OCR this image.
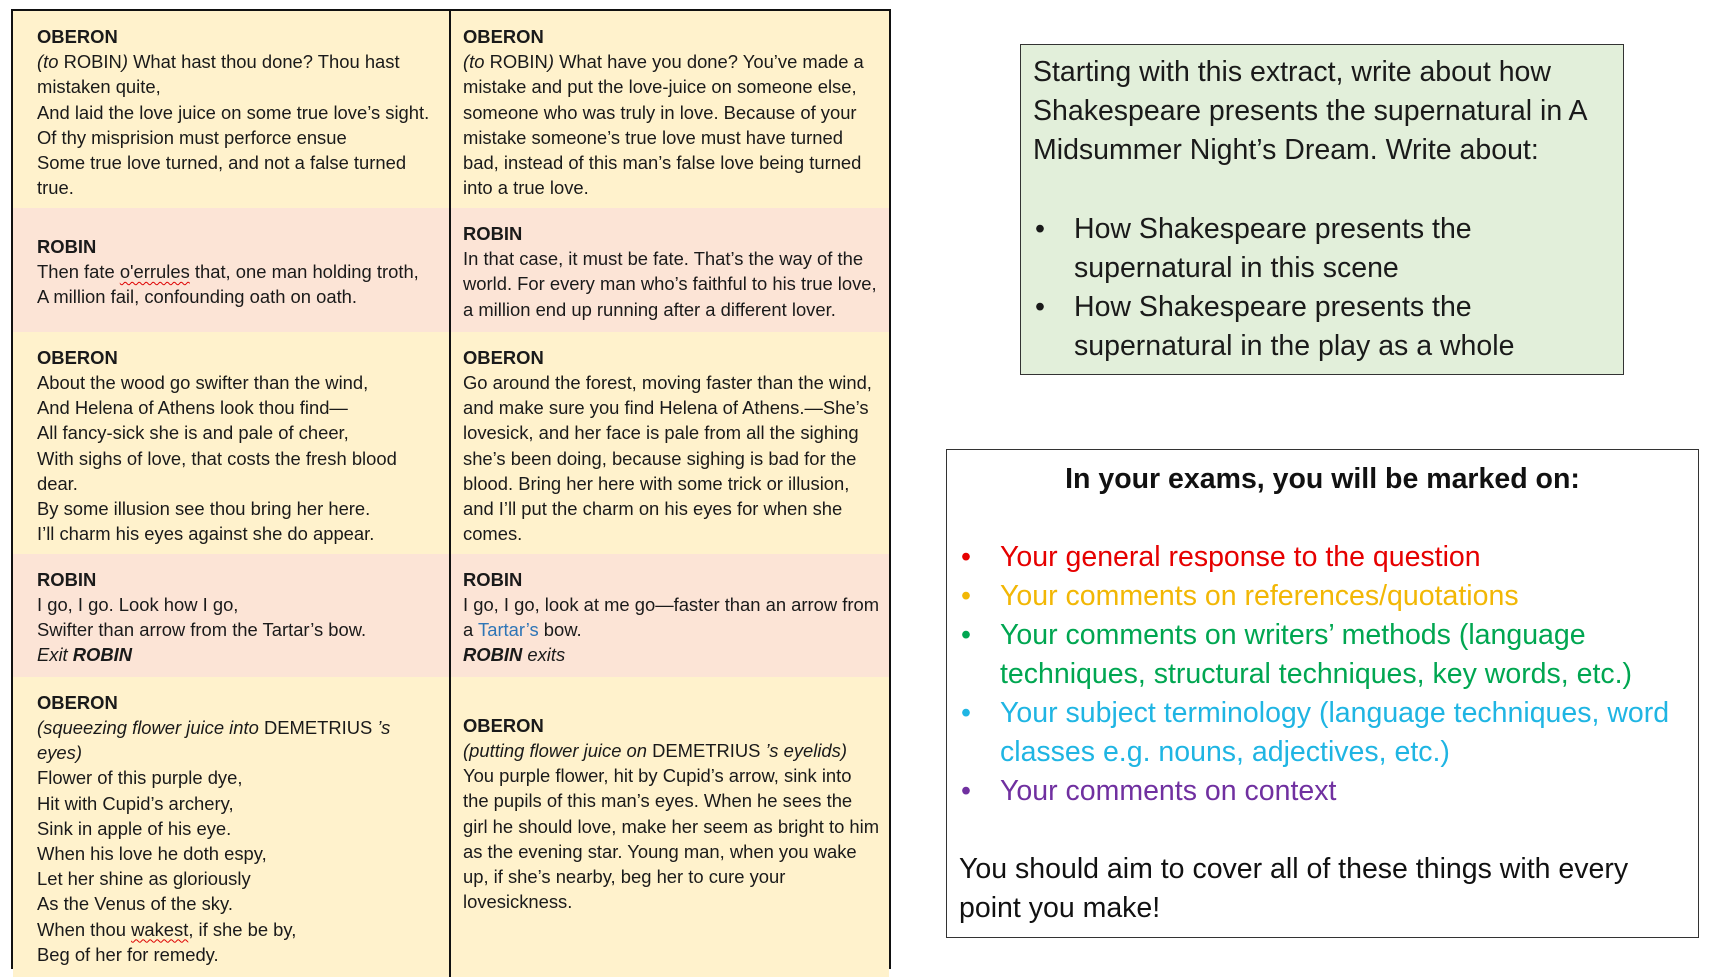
OBERON
(to ROBIN) What hast thou done? Thou hast mistaken quite,
And laid the love juice on some true love’s sight.
Of thy misprision must perforce ensue
Some true love turned, and not a false turned true.
OBERON
(to ROBIN) What have you done? You’ve made a mistake and put the love-juice on someone else, someone who was truly in love. Because of your mistake someone’s true love must have turned bad, instead of this man’s false love being turned into a true love.
ROBIN
Then fate o'errules that, one man holding troth,
A million fail, confounding oath on oath.
ROBIN
In that case, it must be fate. That’s the way of the world. For every man who’s faithful to his true love, a million end up running after a different lover.
OBERON
About the wood go swifter than the wind,
And Helena of Athens look thou find—
All fancy-sick she is and pale of cheer,
With sighs of love, that costs the fresh blood dear.
By some illusion see thou bring her here.
I’ll charm his eyes against she do appear.
OBERON
Go around the forest, moving faster than the wind, and make sure you find Helena of Athens.—She’s lovesick, and her face is pale from all the sighing she’s been doing, because sighing is bad for the blood. Bring her here with some trick or illusion, and I’ll put the charm on his eyes for when she comes.
ROBIN
I go, I go. Look how I go,
Swifter than arrow from the Tartar’s bow.
Exit ROBIN
ROBIN
I go, I go, look at me go—faster than an arrow from a Tartar’s bow.
ROBIN exits
OBERON
(squeezing flower juice into DEMETRIUS ’s eyes)
Flower of this purple dye,
Hit with Cupid’s archery,
Sink in apple of his eye.
When his love he doth espy,
Let her shine as gloriously
As the Venus of the sky.
When thou wakest, if she be by,
Beg of her for remedy.
OBERON
(putting flower juice on DEMETRIUS ’s eyelids)
You purple flower, hit by Cupid’s arrow, sink into the pupils of this man’s eyes. When he sees the girl he should love, make her seem as bright to him as the evening star. Young man, when you wake up, if she’s nearby, beg her to cure your lovesickness.
Starting with this extract, write about how Shakespeare presents the supernatural in A Midsummer Night’s Dream. Write about:
• How Shakespeare presents the supernatural in this scene
• How Shakespeare presents the supernatural in the play as a whole
In your exams, you will be marked on:
• Your general response to the question
• Your comments on references/quotations
• Your comments on writers’ methods (language techniques, structural techniques, key words, etc.)
• Your subject terminology (language techniques, word classes e.g. nouns, adjectives, etc.)
• Your comments on context
You should aim to cover all of these things with every point you make!
